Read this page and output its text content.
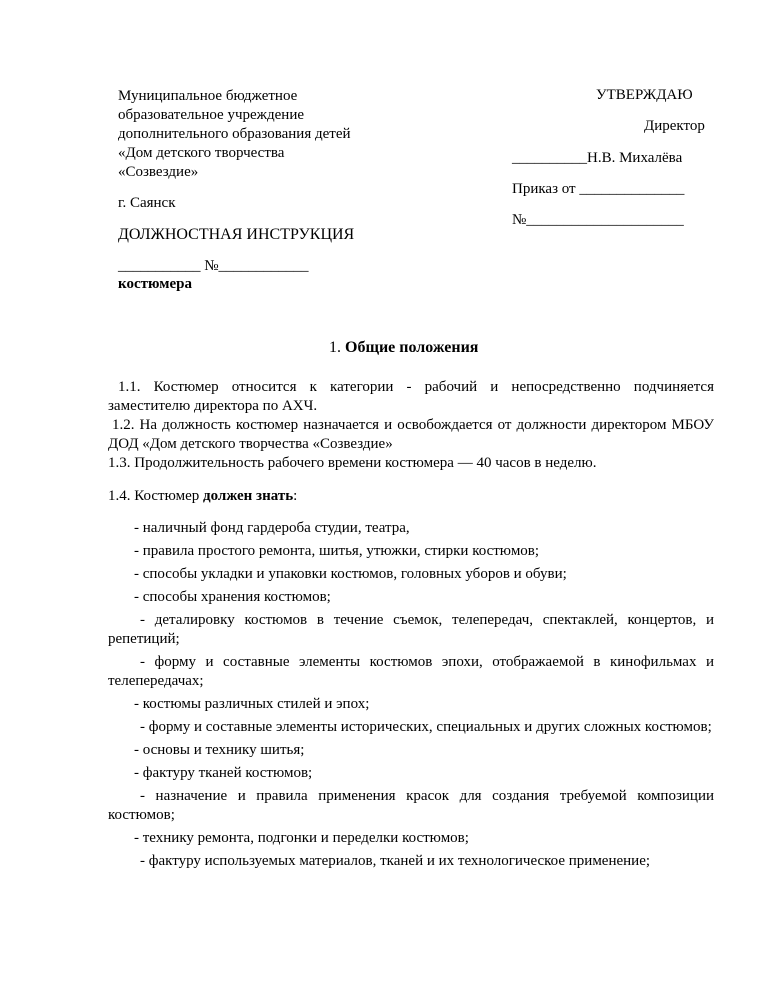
Муниципальное бюджетное
образовательное учреждение
дополнительного образования детей
«Дом детского творчества
«Созвездие»
г. Саянск
ДОЛЖНОСТНАЯ ИНСТРУКЦИЯ
___________ №____________
костюмера
УТВЕРЖДАЮ
Директор
__________Н.В. Михалёва
Приказ от ______________
№_____________________
1. Общие положения
1.1. Костюмер относится к категории - рабочий и непосредственно подчиняется заместителю директора по АХЧ.
1.2. На должность костюмер назначается и освобождается от должности директором МБОУ ДОД «Дом детского творчества «Созвездие»
1.3. Продолжительность рабочего времени костюмера — 40 часов в неделю.
1.4. Костюмер должен знать:
- наличный фонд гардероба студии, театра,
- правила простого ремонта, шитья, утюжки, стирки костюмов;
- способы укладки и упаковки костюмов, головных уборов и обуви;
- способы хранения костюмов;
- деталировку костюмов в течение съемок, телепередач, спектаклей, концертов, и репетиций;
- форму и составные элементы костюмов эпохи, отображаемой в кинофильмах и телепередачах;
- костюмы различных стилей и эпох;
- форму и составные элементы исторических, специальных и других сложных костюмов;
- основы и технику шитья;
- фактуру тканей костюмов;
- назначение и правила применения красок для создания требуемой композиции костюмов;
- технику ремонта, подгонки и переделки костюмов;
- фактуру используемых материалов, тканей и их технологическое применение;
